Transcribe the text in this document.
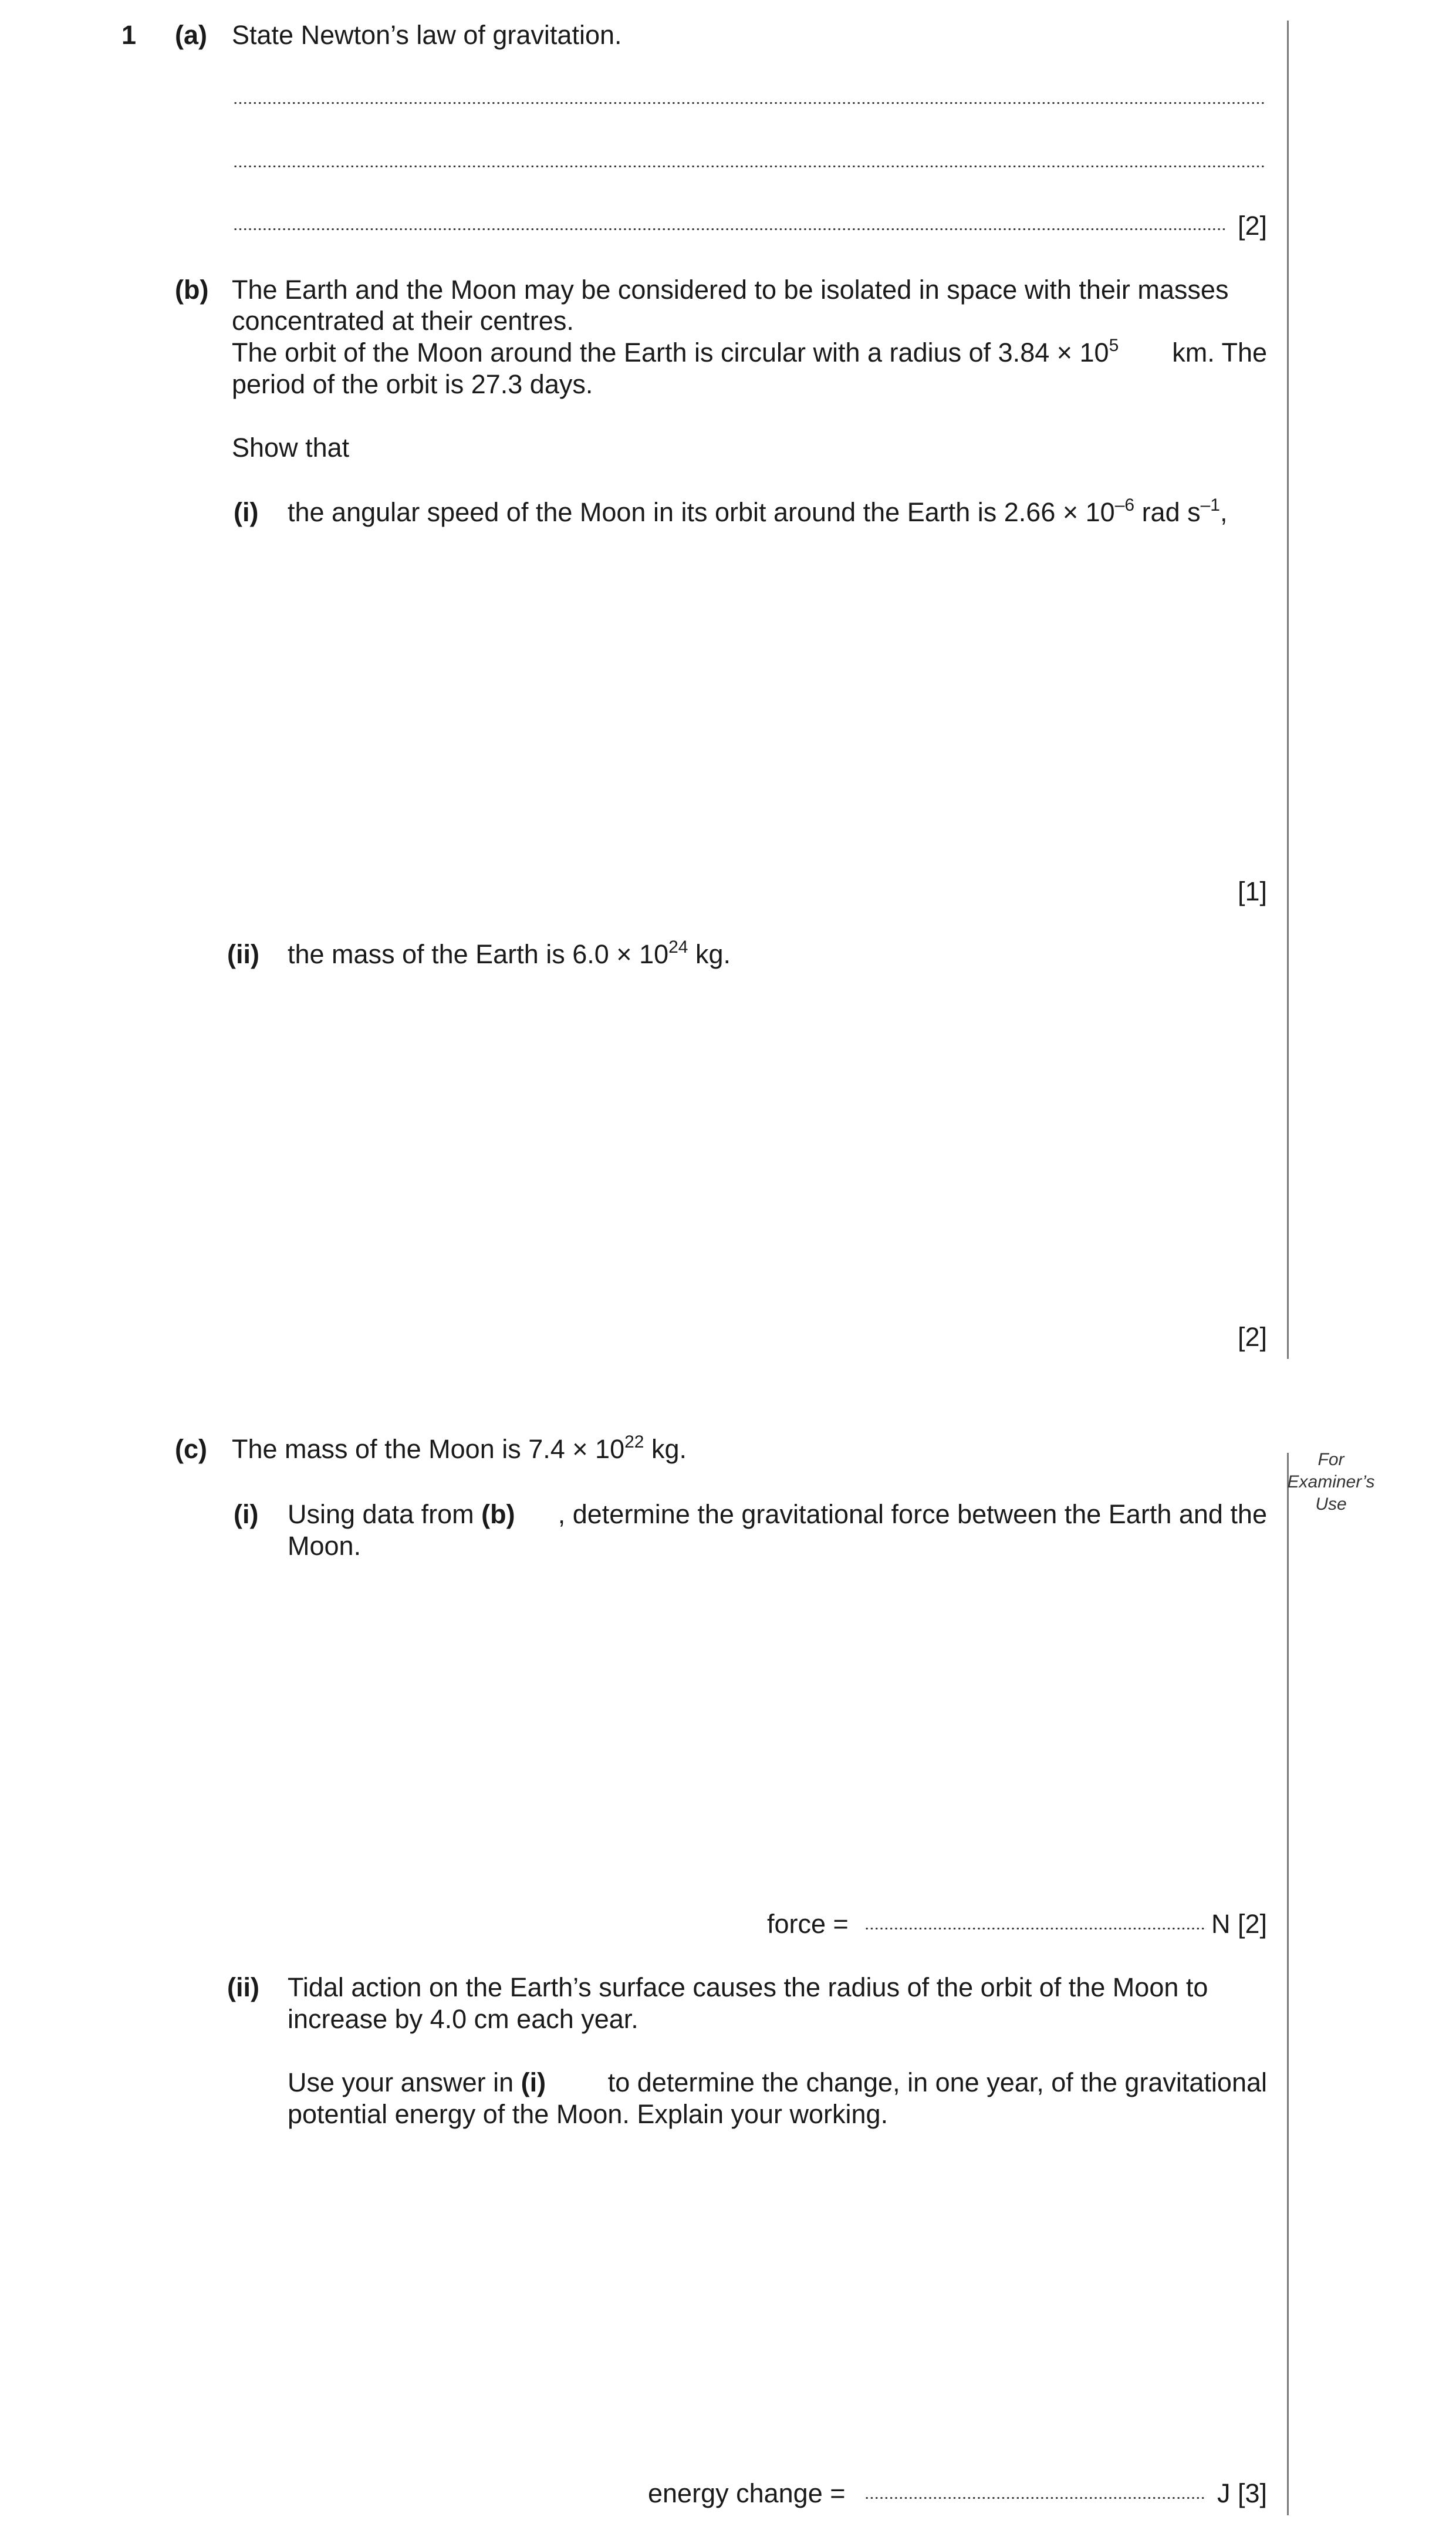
1 (a) State Newton’s law of gravitation.
[2]
(b) The Earth and the Moon may be considered to be isolated in space with their masses
concentrated at their centres.
The orbit of the Moon around the Earth is circular with a radius of $3.84 \times 10^5$ km. The
period of the orbit is 27.3 days.
Show that
(i) the angular speed of the Moon in its orbit around the Earth is $2.66 \times 10^{-6}$ rad $s^{-1}$,
[1]
(ii) the mass of the Earth is $6.0 \times 10^{24}$ kg.
[2]
(c) The mass of the Moon is $7.4 \times 10^{22}$ kg.
(i) Using data from (b) , determine the gravitational force between the Earth and the
Moon.
force =	N [2]
(ii) Tidal action on the Earth’s surface causes the radius of the orbit of the Moon to
increase by 4.0 cm each year.
Use your answer in (i) to determine the change, in one year, of the gravitational
potential energy of the Moon. Explain your working.
energy change =	J [3]
For
Examiner’s
Use
